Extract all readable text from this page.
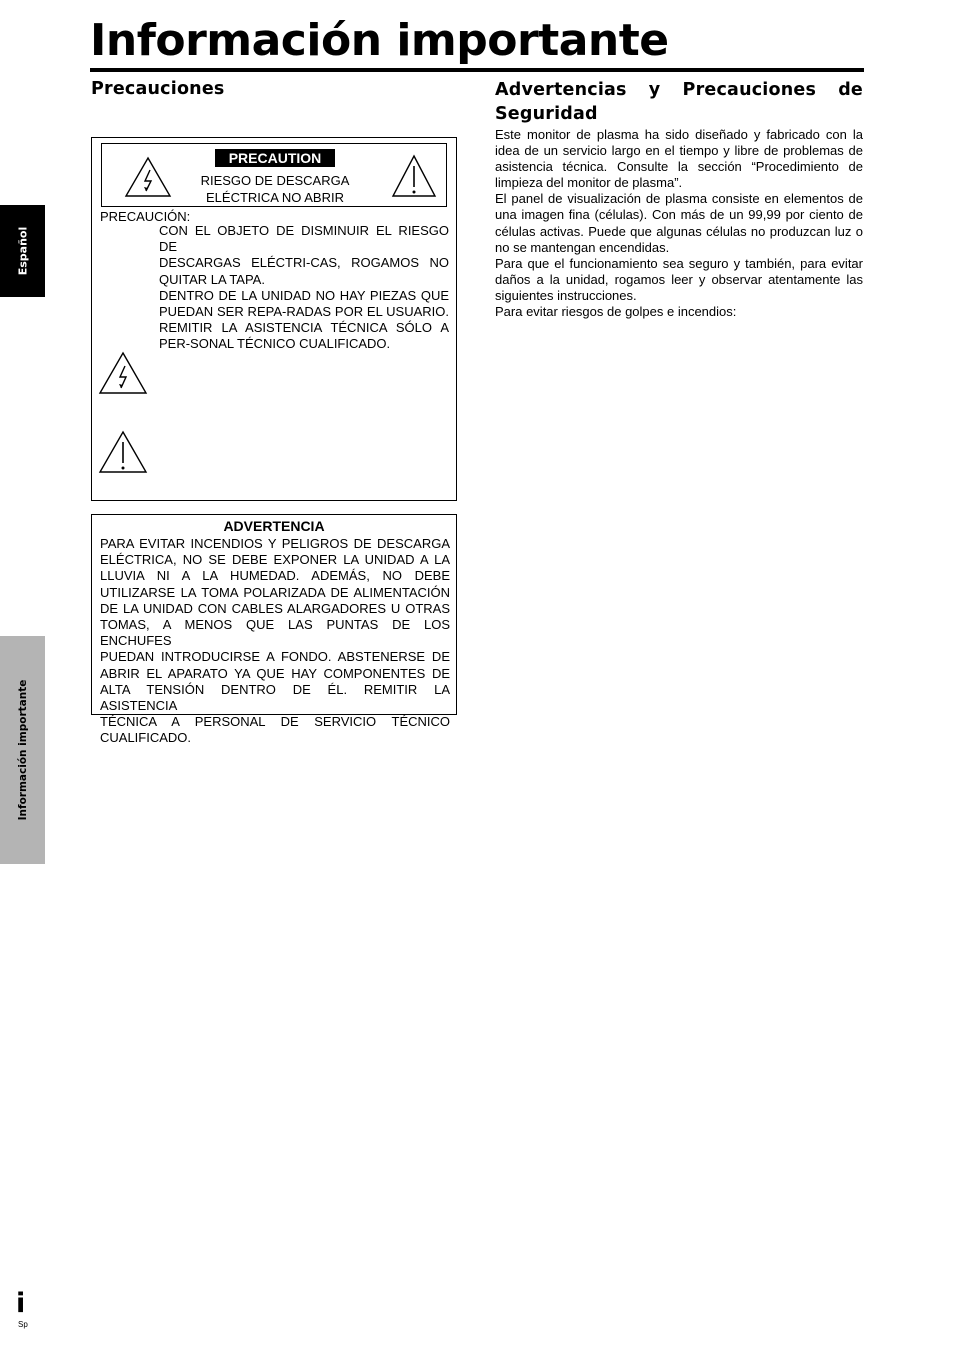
Información importante
Español
Información importante
Precauciones	Advertencias y Precauciones de Seguridad
PRECAUTION
RIESGO DE DESCARGA
ELÉCTRICA NO ABRIR
PRECAUCIÓN:
CON EL OBJETO DE DISMINUIR EL RIESGO DE
DESCARGAS ELÉCTRI-CAS, ROGAMOS NO
QUITAR LA TAPA.
DENTRO DE LA UNIDAD NO HAY PIEZAS QUE
PUEDAN SER REPA-RADAS POR EL USUARIO.
REMITIR LA ASISTENCIA TÉCNICA SÓLO A
PER-SONAL TÉCNICO CUALIFICADO.
ADVERTENCIA
PARA EVITAR INCENDIOS Y PELIGROS DE DESCARGA
ELÉCTRICA, NO SE DEBE EXPONER LA UNIDAD A LA
LLUVIA NI A LA HUMEDAD. ADEMÁS, NO DEBE
UTILIZARSE LA TOMA POLARIZADA DE ALIMENTACIÓN
DE LA UNIDAD CON CABLES ALARGADORES U OTRAS
TOMAS, A MENOS QUE LAS PUNTAS DE LOS ENCHUFES
PUEDAN INTRODUCIRSE A FONDO. ABSTENERSE DE
ABRIR EL APARATO YA QUE HAY COMPONENTES DE
ALTA TENSIÓN DENTRO DE ÉL. REMITIR LA ASISTENCIA
TÉCNICA A PERSONAL DE SERVICIO TÉCNICO
CUALIFICADO.
Este monitor de plasma ha sido diseñado y fabricado con la
idea de un servicio largo en el tiempo y libre de problemas de
asistencia técnica. Consulte la sección “Procedimiento de
limpieza del monitor de plasma”.
El panel de visualización de plasma consiste en elementos de
una imagen fina (células). Con más de un 99,99 por ciento de
células activas. Puede que algunas células no produzcan luz o
no se mantengan encendidas.
Para que el funcionamiento sea seguro y también, para evitar
daños a la unidad, rogamos leer y observar atentamente las
siguientes instrucciones.
Para evitar riesgos de golpes e incendios:
i
Sp
